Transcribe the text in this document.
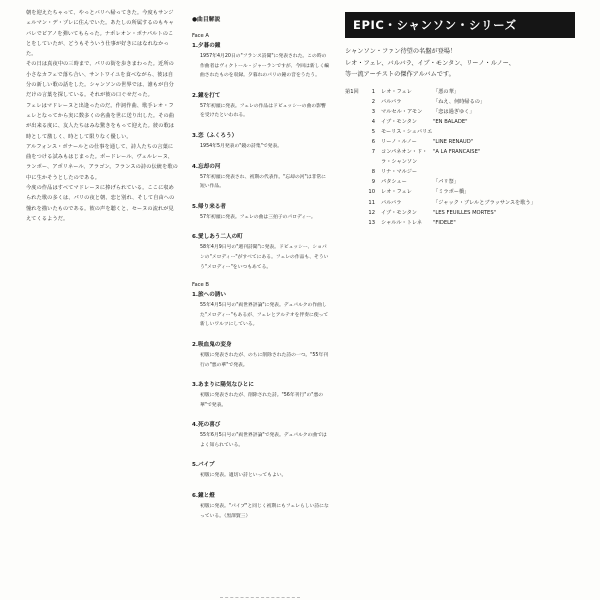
朝を迎えたちゃって、やっとバリへ帰ってきた。今度もサンジェルマン・デ・プレに住んでいた。あたしの所属するのもキャバレでピアノを弾いてもらった。ナポレオン・ボナパルトのことをしていたが、どうもそういう仕事が好きにはなれなかった。

その日は真夜中の三時まで、パリの街を歩きまわった。近所の小さなカフェで落ち合い、サントワイユを食べながら、彼は自分の新しい歌の話をした。シャンソンの世界では、誰もが自分だけの言葉を探している。それが彼の口ぐせだった。

フェレはマドレーヌと出逢ったのだ。作詞作曲、歌手レオ・フェレとなってから実に数多くの名曲を世に送り出した。その曲が出来る度に、友人たちはみな驚きをもって迎えた。彼の歌は時として激しく、時として限りなく優しい。

アルフォンス・ボナールとの仕事を通して、詩人たちの言葉に曲をつける試みもはじまった。ボードレール、ヴェルレーヌ、ランボー、アポリネール、アラゴン。フランスの詩の伝統を歌の中に生かそうとしたのである。

今度の作品はすべてマドレーヌに捧げられている。ここに収められた歌の多くは、パリの夜と朝、恋と別れ、そして自由への憧れを描いたものである。彼の声を聴くと、セーヌの流れが見えてくるようだ。

●曲目解説
Face A
1.夕暮の鐘
1957年4月20日の"フランス詩聞"に発表された。この時の作曲者はヴィクトール・ジャーランですが、今回は新しく編曲されたものを収録。夕暮れのパリの鐘の音をうたう。
2.鐘を打て
57年初頭に発表。フェレの作品はドビュッシーの曲の影響を受けたといわれる。
3.恋（ふくろう）
1954年5月発表の"鏡の詩集"で発表。
4.忘却の河
57年初頭に発表され、初期の代表作。"忘却の河"は非常に短い作品。
5.帰り来る者
57年初頭に発表。フェレの曲は三拍子のパロディー。
6.愛しあう二人の町
58年4月9日号の"週刊詩聞"に発表。ドビュッシー、ショパンの"メロディー"がすべてにある。フェレの作品も、そういう"メロディー"をいつもあてる。
Face B
1.旅への誘い
55年4月5日号の"両世界評論"に発表。デュパルクの作曲した"メロディー"もあるが、フェレとアルテオを伴奏に使って新しいワルツにしている。
2.吸血鬼の変身
初版に発表されたが、のちに削除された詩の一つ。"55年刊行の"悪の華"で発表。
3.あまりに陽気なひとに
初版に発表されたが、削除された詩。"56年刊行"の"悪の華"で発表。
4.死の喜び
55年6月5日号の"両世界評論"で発表。デュパルクの曲ではよく知られている。
5.パイプ
初版に発表。適切い詩といってもよい。
6.鐘と燈
初版に発表。"パイプ"と同じく初期にもフェレらしい詩になっている。（黒澤賢三）
EPIC・シャンソン・シリーズ
シャンソン・ファン待望の名盤が登場！
レオ・フェレ、バルバラ、イブ・モンタン、リーノ・ルノー、
等一流アーチストの傑作アルバムです。
第1回	1	レオ・フェレ	「悪の華」
2	バルバラ	「ねえ、何時帰るの」
3	マルセル・アモン	「恋は過ぎゆく」
4	イブ・モンタン	"EN BALADE"
5	モーリス・シュバリエ
6	リーノ・ルノー	"LINE RENAUD"
7	コンパネオン・ド・ラ・シャンソン
"A LA FRANCAISE"
8	リナ・マルジー
9	パタシュー	「パリ祭」
10	レオ・フェレ	「ミラボー橋」
11	バルバラ	「ジャック・ブレルとブラッサンスを歌う」
12	イブ・モンタン	"LES FEUILLES MORTES"
13	シャルル・トレネ	"FIDELE"
